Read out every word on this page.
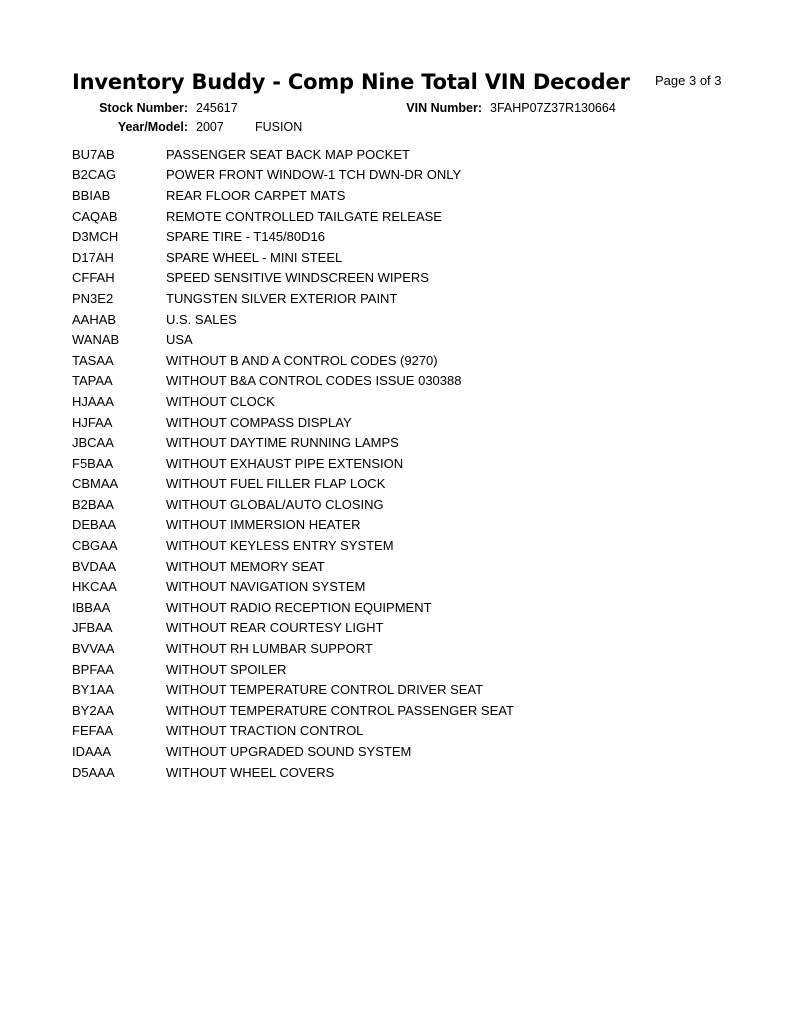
Inventory Buddy - Comp Nine Total VIN Decoder Page 3 of 3
Stock Number: 245617	VIN Number: 3FAHP07Z37R130664
Year/Model: 2007 FUSION
BU7AB	PASSENGER SEAT BACK MAP POCKET
B2CAG	POWER FRONT WINDOW-1 TCH DWN-DR ONLY
BBIAB	REAR FLOOR CARPET MATS
CAQAB	REMOTE CONTROLLED TAILGATE RELEASE
D3MCH	SPARE TIRE - T145/80D16
D17AH	SPARE WHEEL - MINI STEEL
CFFAH	SPEED SENSITIVE WINDSCREEN WIPERS
PN3E2	TUNGSTEN SILVER EXTERIOR PAINT
AAHAB	U.S. SALES
WANAB	USA
TASAA	WITHOUT B AND A CONTROL CODES (9270)
TAPAA	WITHOUT B&A CONTROL CODES ISSUE 030388
HJAAA	WITHOUT CLOCK
HJFAA	WITHOUT COMPASS DISPLAY
JBCAA	WITHOUT DAYTIME RUNNING LAMPS
F5BAA	WITHOUT EXHAUST PIPE EXTENSION
CBMAA	WITHOUT FUEL FILLER FLAP LOCK
B2BAA	WITHOUT GLOBAL/AUTO CLOSING
DEBAA	WITHOUT IMMERSION HEATER
CBGAA	WITHOUT KEYLESS ENTRY SYSTEM
BVDAA	WITHOUT MEMORY SEAT
HKCAA	WITHOUT NAVIGATION SYSTEM
IBBAA	WITHOUT RADIO RECEPTION EQUIPMENT
JFBAA	WITHOUT REAR COURTESY LIGHT
BVVAA	WITHOUT RH LUMBAR SUPPORT
BPFAA	WITHOUT SPOILER
BY1AA	WITHOUT TEMPERATURE CONTROL DRIVER SEAT
BY2AA	WITHOUT TEMPERATURE CONTROL PASSENGER SEAT
FEFAA	WITHOUT TRACTION CONTROL
IDAAA	WITHOUT UPGRADED SOUND SYSTEM
D5AAA	WITHOUT WHEEL COVERS
